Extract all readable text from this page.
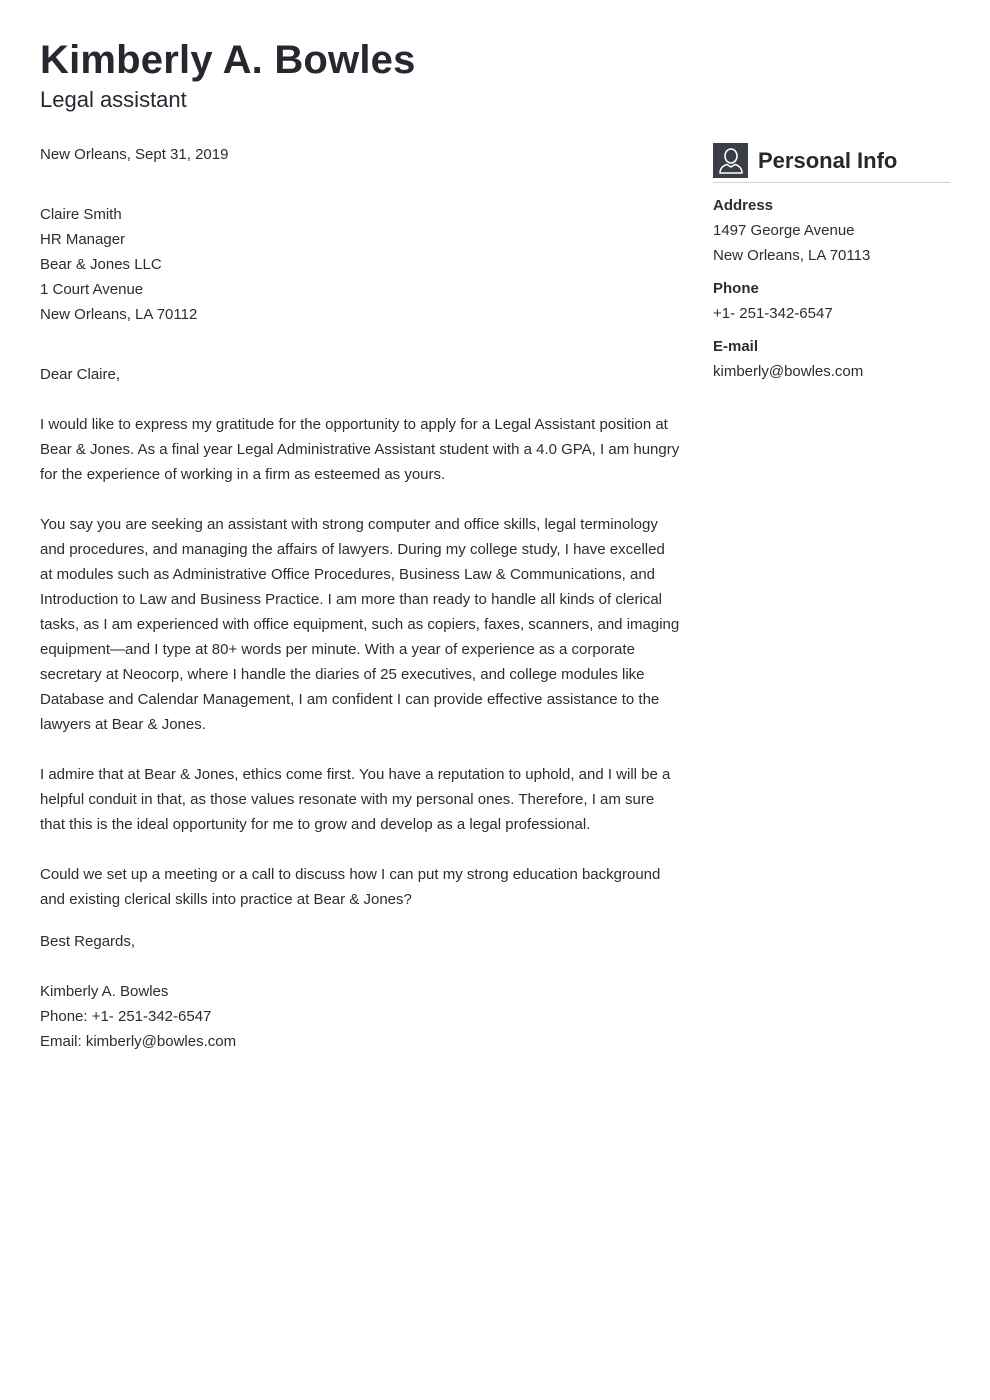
Kimberly A. Bowles
Legal assistant

New Orleans, Sept 31, 2019

Claire Smith

HR Manager

Bear & Jones LLC

1 Court Avenue

New Orleans, LA 70112

Dear Claire,

I would like to express my gratitude for the opportunity to apply for a Legal Assistant position at Bear & Jones. As a final year Legal Administrative Assistant student with a 4.0 GPA, I am hungry for the experience of working in a firm as esteemed as yours.

You say you are seeking an assistant with strong computer and office skills, legal terminology and procedures, and managing the affairs of lawyers. During my college study, I have excelled at modules such as Administrative Office Procedures, Business Law & Communications, and Introduction to Law and Business Practice. I am more than ready to handle all kinds of clerical tasks, as I am experienced with office equipment, such as copiers, faxes, scanners, and imaging equipment—and I type at 80+ words per minute. With a year of experience as a corporate secretary at Neocorp, where I handle the diaries of 25 executives, and college modules like Database and Calendar Management, I am confident I can provide effective assistance to the lawyers at Bear & Jones.

I admire that at Bear & Jones, ethics come first. You have a reputation to uphold, and I will be a helpful conduit in that, as those values resonate with my personal ones. Therefore, I am sure that this is the ideal opportunity for me to grow and develop as a legal professional.

Could we set up a meeting or a call to discuss how I can put my strong education background and existing clerical skills into practice at Bear & Jones?

Best Regards,

Kimberly A. Bowles

Phone: +1- 251-342-6547

Email: kimberly@bowles.com

Personal Info
Address
1497 George Avenue
New Orleans, LA 70113
Phone
+1- 251-342-6547
E-mail
kimberly@bowles.com
